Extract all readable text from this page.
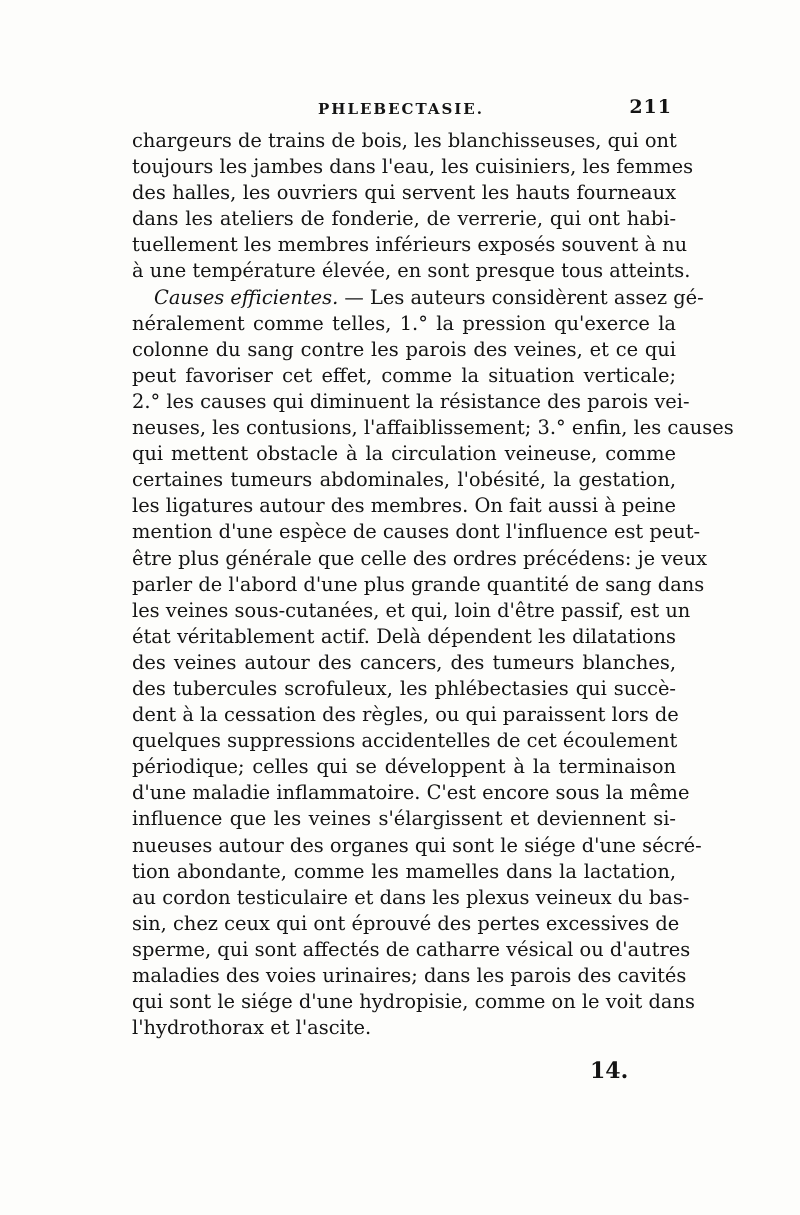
PHLEBECTASIE.	211
chargeurs de trains de bois, les blanchisseuses, qui ont
toujours les jambes dans l'eau, les cuisiniers, les femmes
des halles, les ouvriers qui servent les hauts fourneaux
dans les ateliers de fonderie, de verrerie, qui ont habi-
tuellement les membres inférieurs exposés souvent à nu
à une température élevée, en sont presque tous atteints.
Causes efficientes. — Les auteurs considèrent assez gé-
néralement comme telles, 1.° la pression qu'exerce la
colonne du sang contre les parois des veines, et ce qui
peut favoriser cet effet, comme la situation verticale;
2.° les causes qui diminuent la résistance des parois vei-
neuses, les contusions, l'affaiblissement; 3.° enfin, les causes
qui mettent obstacle à la circulation veineuse, comme
certaines tumeurs abdominales, l'obésité, la gestation,
les ligatures autour des membres. On fait aussi à peine
mention d'une espèce de causes dont l'influence est peut-
être plus générale que celle des ordres précédens: je veux
parler de l'abord d'une plus grande quantité de sang dans
les veines sous-cutanées, et qui, loin d'être passif, est un
état véritablement actif. Delà dépendent les dilatations
des veines autour des cancers, des tumeurs blanches,
des tubercules scrofuleux, les phlébectasies qui succè-
dent à la cessation des règles, ou qui paraissent lors de
quelques suppressions accidentelles de cet écoulement
périodique; celles qui se développent à la terminaison
d'une maladie inflammatoire. C'est encore sous la même
influence que les veines s'élargissent et deviennent si-
nueuses autour des organes qui sont le siége d'une sécré-
tion abondante, comme les mamelles dans la lactation,
au cordon testiculaire et dans les plexus veineux du bas-
sin, chez ceux qui ont éprouvé des pertes excessives de
sperme, qui sont affectés de catharre vésical ou d'autres
maladies des voies urinaires; dans les parois des cavités
qui sont le siége d'une hydropisie, comme on le voit dans
l'hydrothorax et l'ascite.
14.
